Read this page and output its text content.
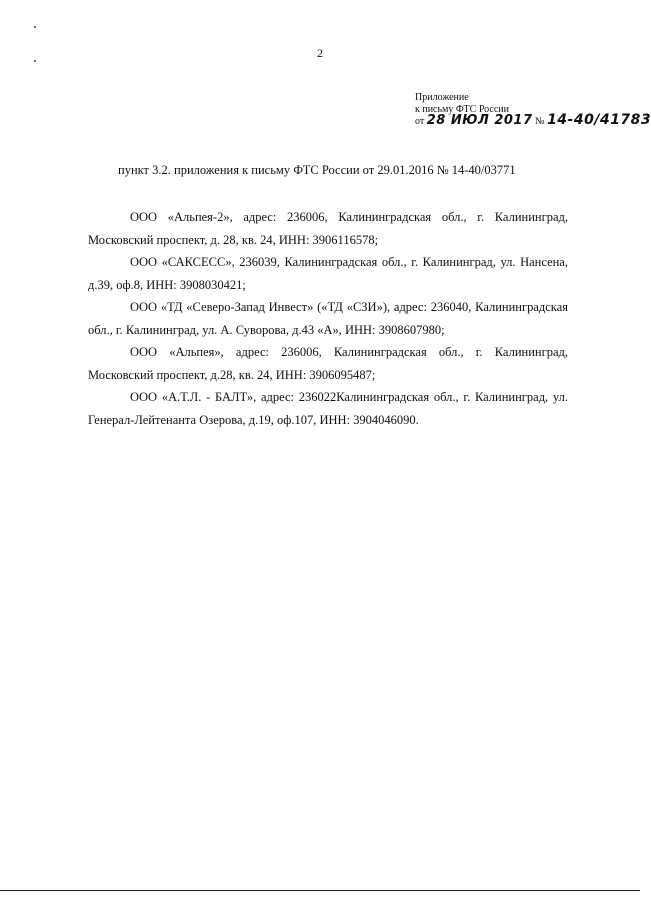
2
Приложение
к письму ФТС России
от 28 ИЮЛ 2017 № 14-40/41783
пункт 3.2. приложения к письму ФТС России от 29.01.2016 № 14-40/03771

ООО «Альпея-2», адрес: 236006, Калининградская обл., г. Калининград, Московский проспект, д. 28, кв. 24, ИНН: 3906116578;

ООО «САКСЕСС», 236039, Калининградская обл., г. Калининград, ул. Нансена, д.39, оф.8, ИНН: 3908030421;

ООО «ТД «Северо-Запад Инвест» («ТД «СЗИ»), адрес: 236040, Калининградская обл., г. Калининград, ул. А. Суворова, д.43 «А», ИНН: 3908607980;

ООО «Альпея», адрес: 236006, Калининградская обл., г. Калининград, Московский проспект, д.28, кв. 24, ИНН: 3906095487;

ООО «А.Т.Л. - БАЛТ», адрес: 236022Калининградская обл., г. Калининград, ул. Генерал-Лейтенанта Озерова, д.19, оф.107, ИНН: 3904046090.
